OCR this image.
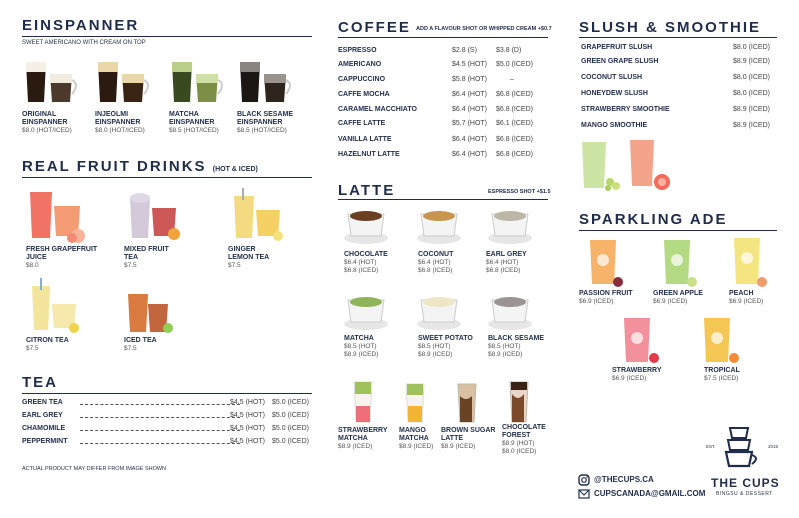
EINSPANNER
SWEET AMERICANO WITH CREAM ON TOP
ORIGINAL EINSPANNER
$8.0 (HOT/ICED)
INJEOLMI EINSPANNER
$8.0 (HOT/ICED)
MATCHA EINSPANNER
$8.5 (HOT/ICED)
BLACK SESAME EINSPANNER
$8.5 (HOT/ICED)
REAL FRUIT DRINKS (HOT & ICED)
FRESH GRAPEFRUIT JUICE
$8.0
MIXED FRUIT TEA
$7.5
GINGER LEMON TEA
$7.5
CITRON TEA
$7.5
ICED TEA
$7.5
TEA
GREEN TEA	$4.5 (HOT) $5.0 (ICED)
EARL GREY	$4.5 (HOT) $5.0 (ICED)
CHAMOMILE	$4.5 (HOT) $5.0 (ICED)
PEPPERMINT	$4.5 (HOT) $5.0 (ICED)
ACTUAL PRODUCT MAY DIFFER FROM IMAGE SHOWN
COFFEE ADD A FLAVOUR SHOT OR WHIPPED CREAM +$0.7
ESPRESSO	$2.8 (S)	$3.8 (D)
AMERICANO	$4.5 (HOT) $5.0 (ICED)
CAPPUCCINO	$5.8 (HOT)	–
CAFFE MOCHA	$6.4 (HOT) $6.8 (ICED)
CARAMEL MACCHIATO	$6.4 (HOT) $6.8 (ICED)
CAFFE LATTE	$5.7 (HOT) $6.1 (ICED)
VANILLA LATTE	$6.4 (HOT) $6.8 (ICED)
HAZELNUT LATTE	$6.4 (HOT) $6.8 (ICED)
LATTE	ESPRESSO SHOT +$1.5
CHOCOLATE
$6.4 (HOT)
$6.8 (ICED)
COCONUT
$6.4 (HOT)
$6.8 (ICED)
EARL GREY
$6.4 (HOT)
$6.8 (ICED)
MATCHA
$8.5 (HOT)
$8.9 (ICED)
SWEET POTATO
$8.5 (HOT)
$8.9 (ICED)
BLACK SESAME
$8.5 (HOT)
$8.9 (ICED)
STRAWBERRY MATCHA
$8.9 (ICED)
MANGO MATCHA
$8.9 (ICED)
BROWN SUGAR LATTE
$8.9 (ICED)
CHOCOLATE FOREST
$8.9 (HOT)
$8.0 (ICED)
SLUSH & SMOOTHIE
GRAPEFRUIT SLUSH	$8.0 (ICED)
GREEN GRAPE SLUSH	$8.9 (ICED)
COCONUT SLUSH	$8.0 (ICED)
HONEYDEW SLUSH	$8.0 (ICED)
STRAWBERRY SMOOTHIE	$8.9 (ICED)
MANGO SMOOTHIE	$8.9 (ICED)
SPARKLING ADE
PASSION FRUIT
$6.9 (ICED)
GREEN APPLE
$6.9 (ICED)
PEACH
$6.9 (ICED)
STRAWBERRY
$6.9 (ICED)
TROPICAL
$7.5 (ICED)
@THECUPS.CA
CUPSCANADA@GMAIL.COM
EST.	2015
THE CUPS
BINGSU & DESSERT
